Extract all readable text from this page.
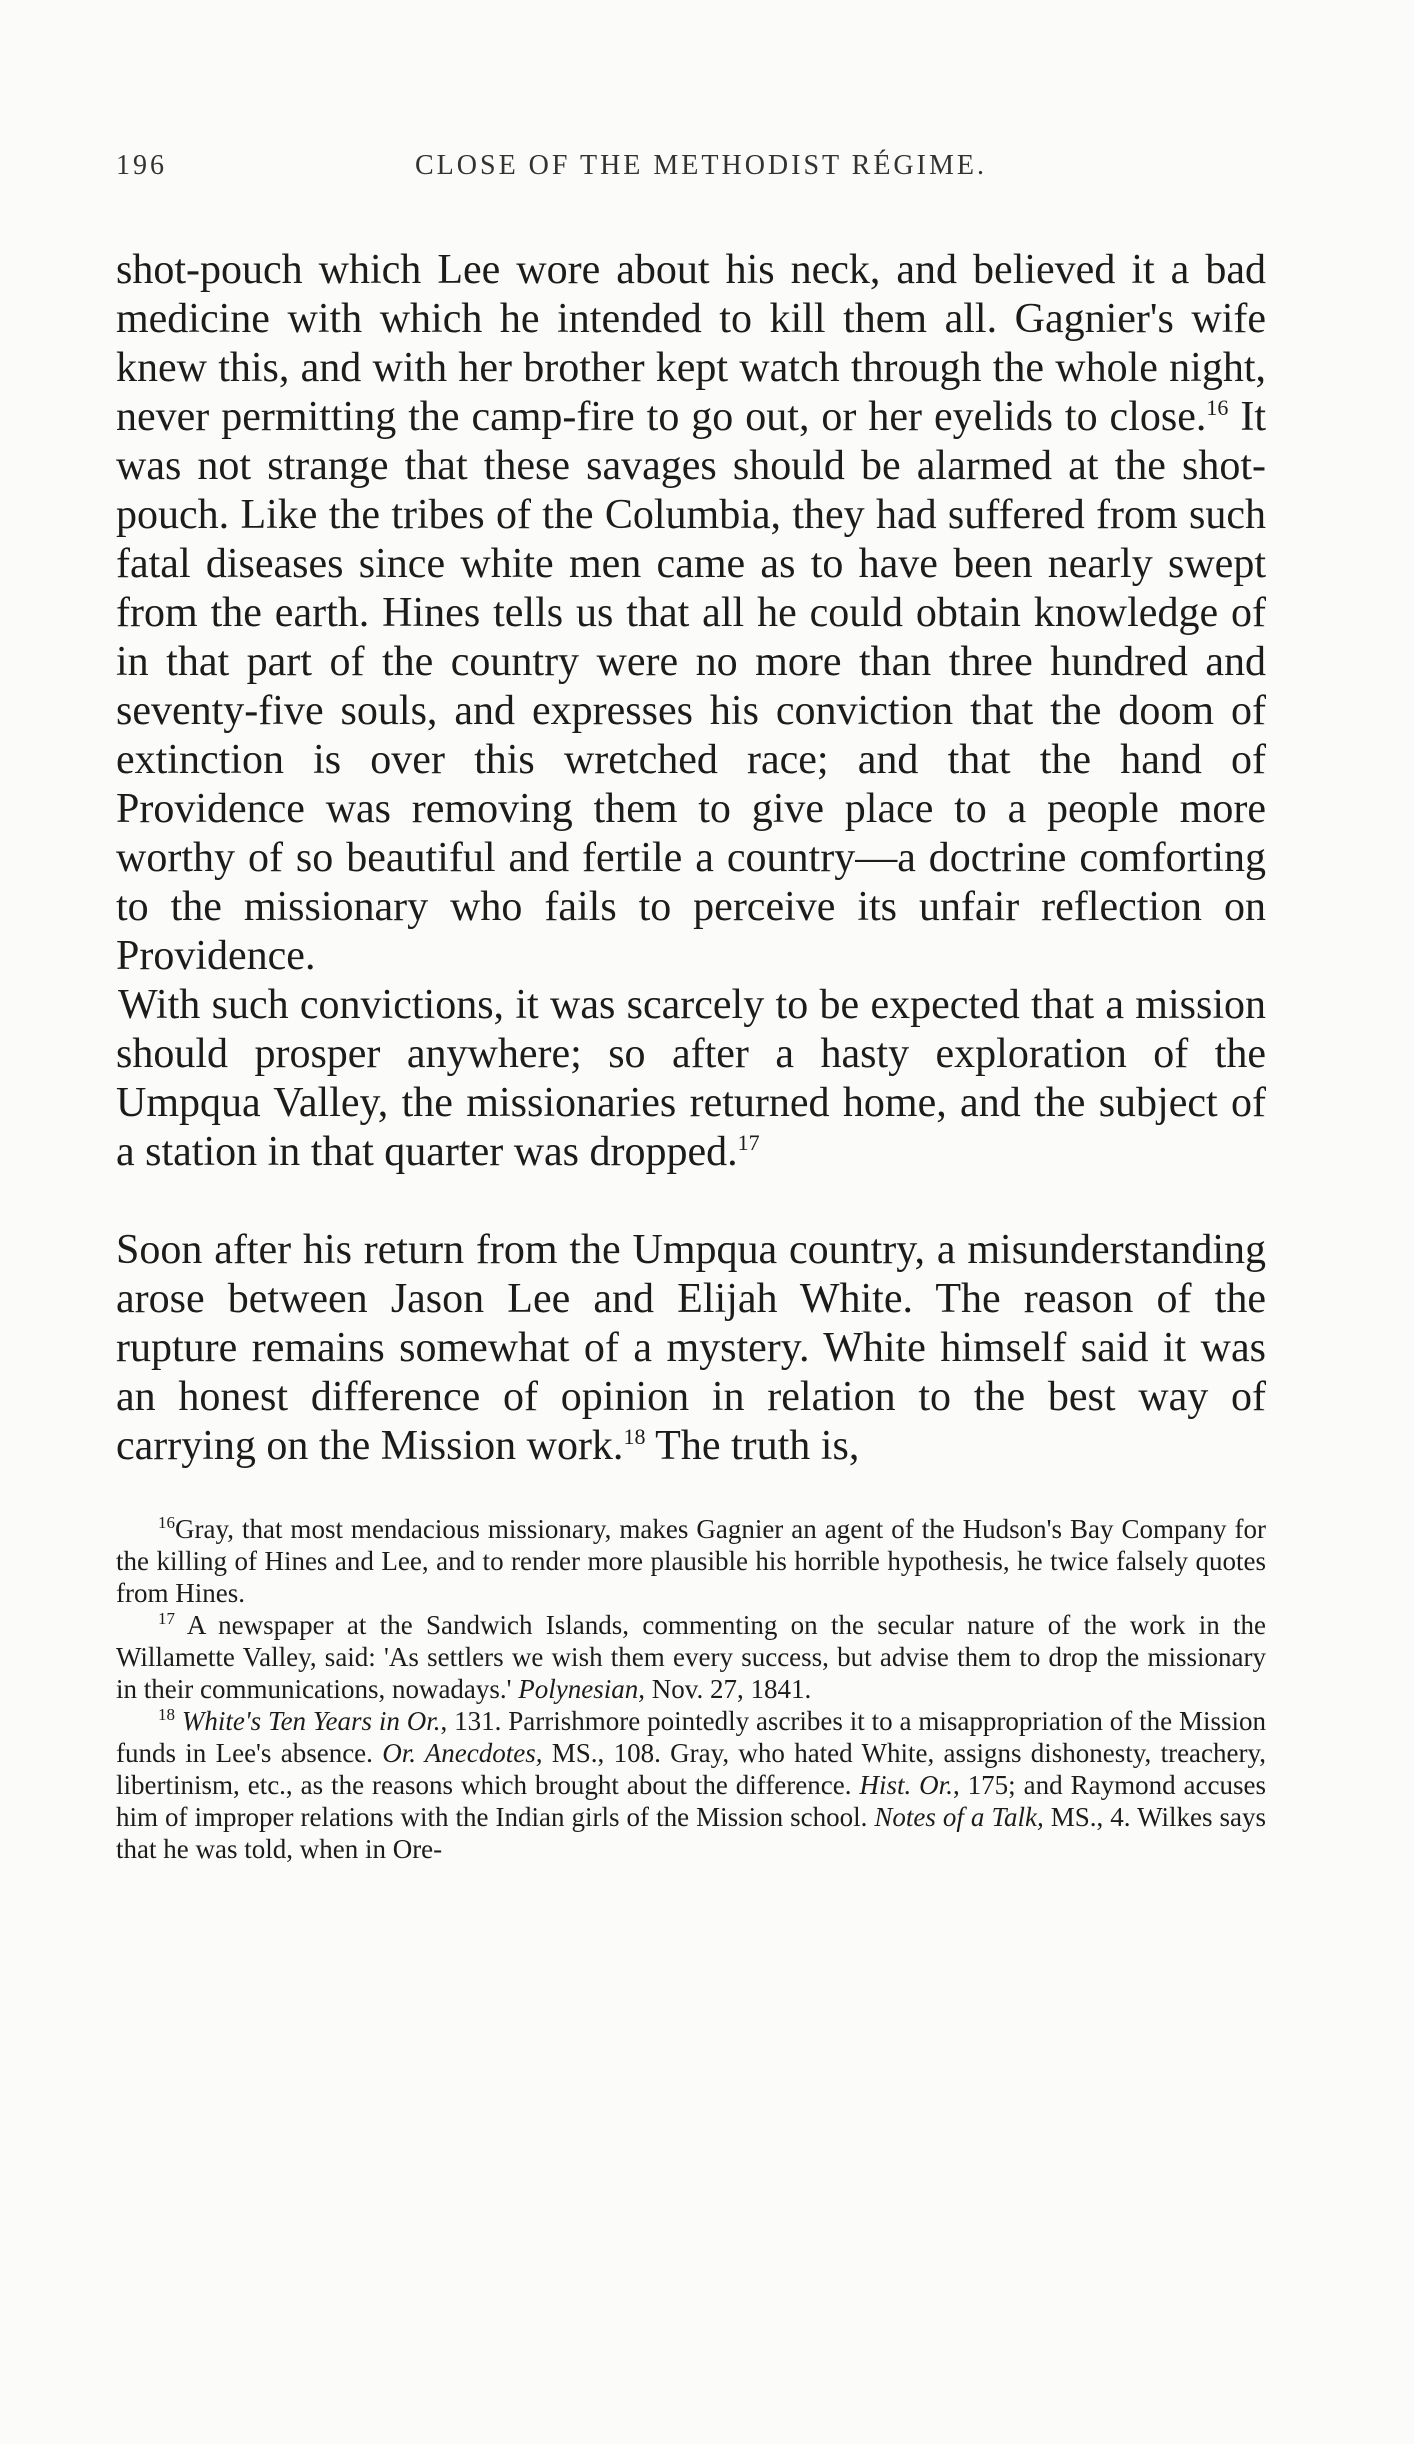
196	CLOSE OF THE METHODIST RÉGIME.

shot-pouch which Lee wore about his neck, and believed it a bad medicine with which he intended to kill them all. Gagnier's wife knew this, and with her brother kept watch through the whole night, never permitting the camp-fire to go out, or her eyelids to close.$^{16}$ It was not strange that these savages should be alarmed at the shot-pouch. Like the tribes of the Columbia, they had suffered from such fatal diseases since white men came as to have been nearly swept from the earth. Hines tells us that all he could obtain knowledge of in that part of the country were no more than three hundred and seventy-five souls, and expresses his conviction that the doom of extinction is over this wretched race; and that the hand of Providence was removing them to give place to a people more worthy of so beautiful and fertile a country—a doctrine comforting to the missionary who fails to perceive its unfair reflection on Providence.

With such convictions, it was scarcely to be expected that a mission should prosper anywhere; so after a hasty exploration of the Umpqua Valley, the missionaries returned home, and the subject of a station in that quarter was dropped.$^{17}$

Soon after his return from the Umpqua country, a misunderstanding arose between Jason Lee and Elijah White. The reason of the rupture remains somewhat of a mystery. White himself said it was an honest difference of opinion in relation to the best way of carrying on the Mission work.$^{18}$ The truth is,

$^{16}$Gray, that most mendacious missionary, makes Gagnier an agent of the Hudson's Bay Company for the killing of Hines and Lee, and to render more plausible his horrible hypothesis, he twice falsely quotes from Hines.

$^{17}$ A newspaper at the Sandwich Islands, commenting on the secular nature of the work in the Willamette Valley, said: 'As settlers we wish them every success, but advise them to drop the missionary in their communications, nowadays.' Polynesian, Nov. 27, 1841.

$^{18}$ White's Ten Years in Or., 131. Parrishmore pointedly ascribes it to a misappropriation of the Mission funds in Lee's absence. Or. Anecdotes, MS., 108. Gray, who hated White, assigns dishonesty, treachery, libertinism, etc., as the reasons which brought about the difference. Hist. Or., 175; and Raymond accuses him of improper relations with the Indian girls of the Mission school. Notes of a Talk, MS., 4. Wilkes says that he was told, when in Ore-
